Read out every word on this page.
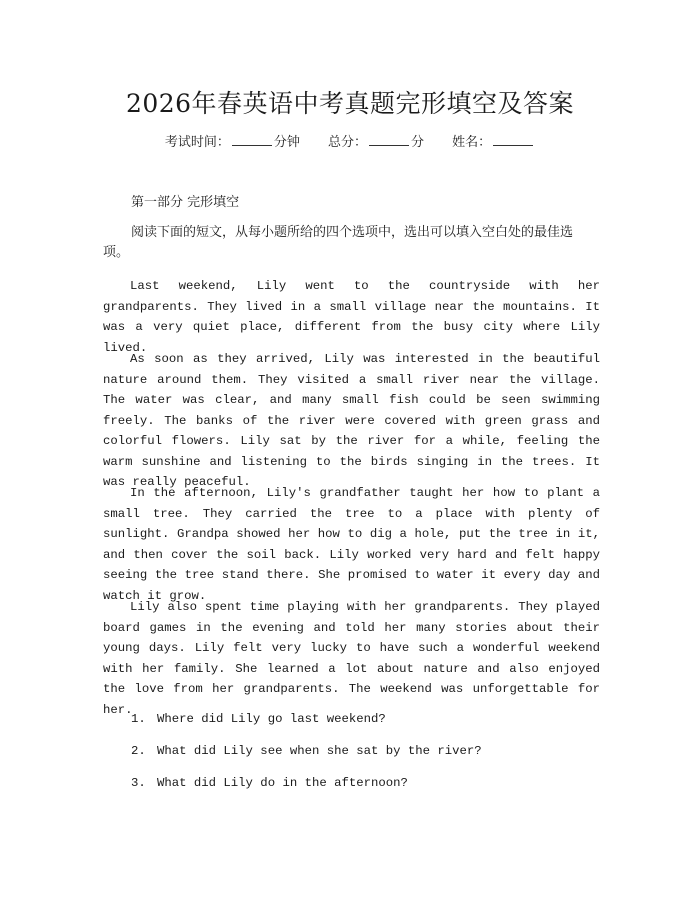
2026年春英语中考真题完形填空及答案
考试时间：	分钟 总分：	分 姓名：
第一部分 完形填空
阅读下面的短文，从每小题所给的四个选项中，选出可以填入空白处的最佳选项。

Last weekend, Lily went to the countryside with her grandparents. They lived in a small village near the mountains. It was a very quiet place, different from the busy city where Lily lived.

As soon as they arrived, Lily was interested in the beautiful nature around them. They visited a small river near the village. The water was clear, and many small fish could be seen swimming freely. The banks of the river were covered with green grass and colorful flowers. Lily sat by the river for a while, feeling the warm sunshine and listening to the birds singing in the trees. It was really peaceful.

In the afternoon, Lily's grandfather taught her how to plant a small tree. They carried the tree to a place with plenty of sunlight. Grandpa showed her how to dig a hole, put the tree in it, and then cover the soil back. Lily worked very hard and felt happy seeing the tree stand there. She promised to water it every day and watch it grow.

Lily also spent time playing with her grandparents. They played board games in the evening and told her many stories about their young days. Lily felt very lucky to have such a wonderful weekend with her family. She learned a lot about nature and also enjoyed the love from her grandparents. The weekend was unforgettable for her.

1. Where did Lily go last weekend?
2. What did Lily see when she sat by the river?
3. What did Lily do in the afternoon?
